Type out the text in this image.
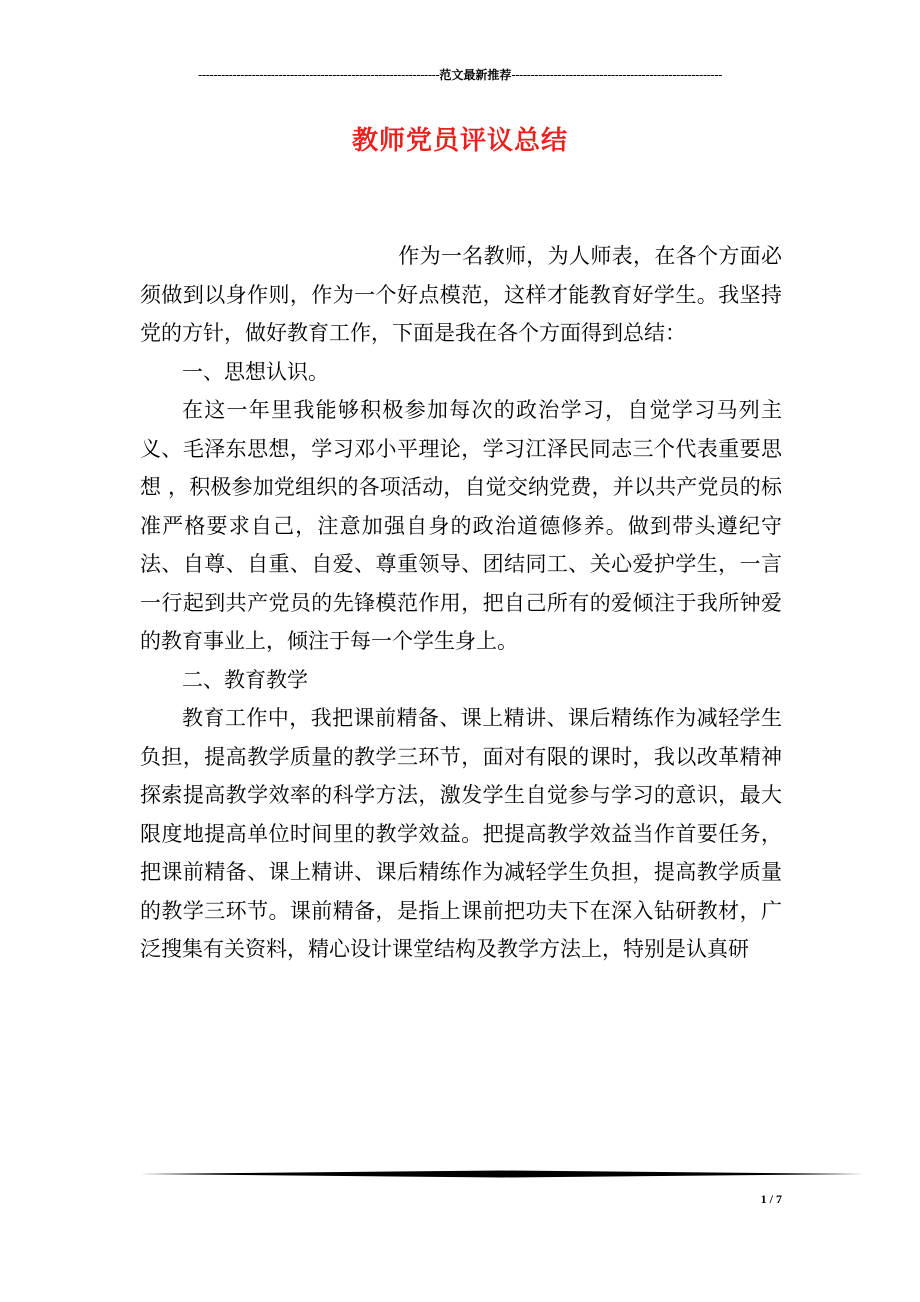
---------------------------------------------------------------范文最新推荐-------------------------------------------------------
教师党员评议总结

作为一名教师，为人师表，在各个方面必须做到以身作则，作为一个好点模范，这样才能教育好学生。我坚持党的方针，做好教育工作，下面是我在各个方面得到总结：

一、思想认识。

在这一年里我能够积极参加每次的政治学习，自觉学习马列主义、毛泽东思想，学习邓小平理论，学习江泽民同志三个代表重要思想 ，积极参加党组织的各项活动，自觉交纳党费，并以共产党员的标准严格要求自己，注意加强自身的政治道德修养。做到带头遵纪守法、自尊、自重、自爱、尊重领导、团结同工、关心爱护学生，一言一行起到共产党员的先锋模范作用，把自己所有的爱倾注于我所钟爱的教育事业上，倾注于每一个学生身上。

二、教育教学

教育工作中，我把课前精备、课上精讲、课后精练作为减轻学生负担，提高教学质量的教学三环节，面对有限的课时，我以改革精神探索提高教学效率的科学方法，激发学生自觉参与学习的意识，最大限度地提高单位时间里的教学效益。把提高教学效益当作首要任务，把课前精备、课上精讲、课后精练作为减轻学生负担，提高教学质量的教学三环节。课前精备，是指上课前把功夫下在深入钻研教材，广泛搜集有关资料，精心设计课堂结构及教学方法上，特别是认真研

1 / 7
